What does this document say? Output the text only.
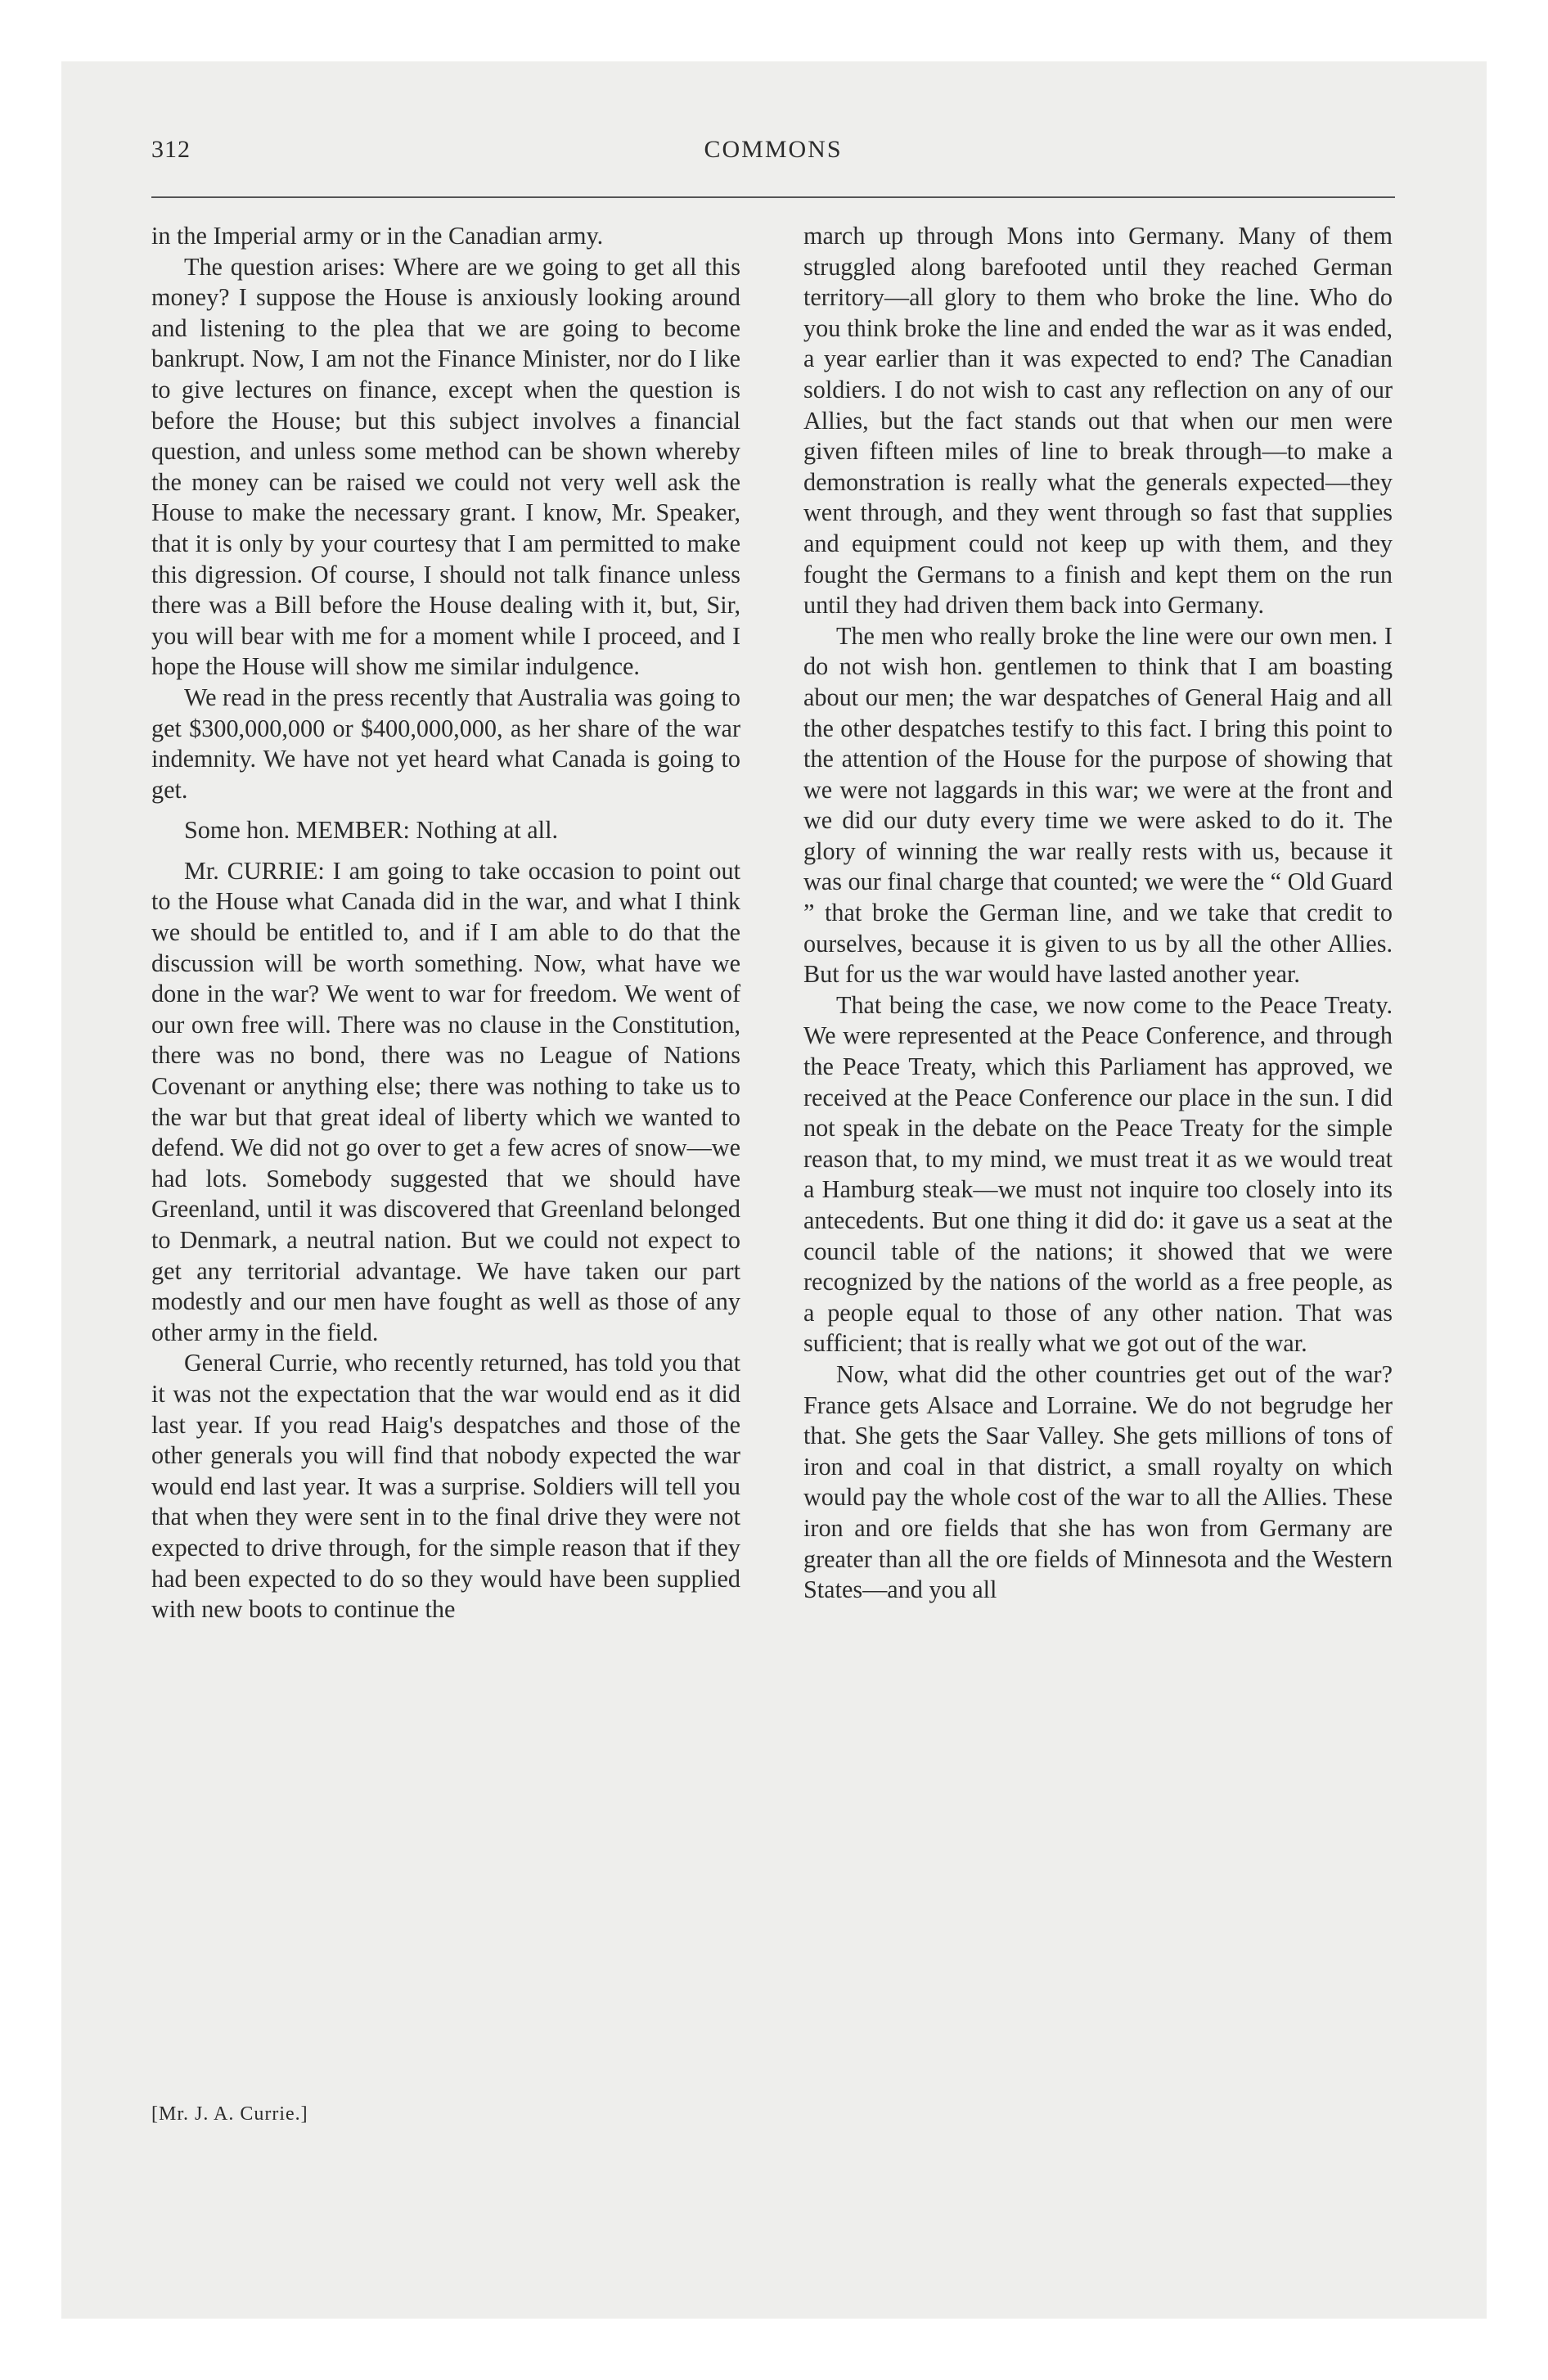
312	COMMONS

in the Imperial army or in the Canadian army.

The question arises: Where are we going to get all this money? I suppose the House is anxiously looking around and listening to the plea that we are going to become bankrupt. Now, I am not the Finance Minister, nor do I like to give lectures on finance, except when the question is before the House; but this subject involves a financial question, and unless some method can be shown whereby the money can be raised we could not very well ask the House to make the necessary grant. I know, Mr. Speaker, that it is only by your courtesy that I am permitted to make this digression. Of course, I should not talk finance unless there was a Bill before the House dealing with it, but, Sir, you will bear with me for a moment while I proceed, and I hope the House will show me similar indulgence.

We read in the press recently that Australia was going to get $300,000,000 or $400,000,000, as her share of the war indemnity. We have not yet heard what Canada is going to get.

Some hon. MEMBER: Nothing at all.

Mr. CURRIE: I am going to take occasion to point out to the House what Canada did in the war, and what I think we should be entitled to, and if I am able to do that the discussion will be worth something. Now, what have we done in the war? We went to war for freedom. We went of our own free will. There was no clause in the Constitution, there was no bond, there was no League of Nations Covenant or anything else; there was nothing to take us to the war but that great ideal of liberty which we wanted to defend. We did not go over to get a few acres of snow—we had lots. Somebody suggested that we should have Greenland, until it was discovered that Greenland belonged to Denmark, a neutral nation. But we could not expect to get any territorial advantage. We have taken our part modestly and our men have fought as well as those of any other army in the field.

General Currie, who recently returned, has told you that it was not the expectation that the war would end as it did last year. If you read Haig's despatches and those of the other generals you will find that nobody expected the war would end last year. It was a surprise. Soldiers will tell you that when they were sent in to the final drive they were not expected to drive through, for the simple reason that if they had been expected to do so they would have been supplied with new boots to continue the

march up through Mons into Germany. Many of them struggled along barefooted until they reached German territory—all glory to them who broke the line. Who do you think broke the line and ended the war as it was ended, a year earlier than it was expected to end? The Canadian soldiers. I do not wish to cast any reflection on any of our Allies, but the fact stands out that when our men were given fifteen miles of line to break through—to make a demonstration is really what the generals expected—they went through, and they went through so fast that supplies and equipment could not keep up with them, and they fought the Germans to a finish and kept them on the run until they had driven them back into Germany.

The men who really broke the line were our own men. I do not wish hon. gentlemen to think that I am boasting about our men; the war despatches of General Haig and all the other despatches testify to this fact. I bring this point to the attention of the House for the purpose of showing that we were not laggards in this war; we were at the front and we did our duty every time we were asked to do it. The glory of winning the war really rests with us, because it was our final charge that counted; we were the “ Old Guard ” that broke the German line, and we take that credit to ourselves, because it is given to us by all the other Allies. But for us the war would have lasted another year.

That being the case, we now come to the Peace Treaty. We were represented at the Peace Conference, and through the Peace Treaty, which this Parliament has approved, we received at the Peace Conference our place in the sun. I did not speak in the debate on the Peace Treaty for the simple reason that, to my mind, we must treat it as we would treat a Hamburg steak—we must not inquire too closely into its antecedents. But one thing it did do: it gave us a seat at the council table of the nations; it showed that we were recognized by the nations of the world as a free people, as a people equal to those of any other nation. That was sufficient; that is really what we got out of the war.

Now, what did the other countries get out of the war? France gets Alsace and Lorraine. We do not begrudge her that. She gets the Saar Valley. She gets millions of tons of iron and coal in that district, a small royalty on which would pay the whole cost of the war to all the Allies. These iron and ore fields that she has won from Germany are greater than all the ore fields of Minnesota and the Western States—and you all

[Mr. J. A. Currie.]
